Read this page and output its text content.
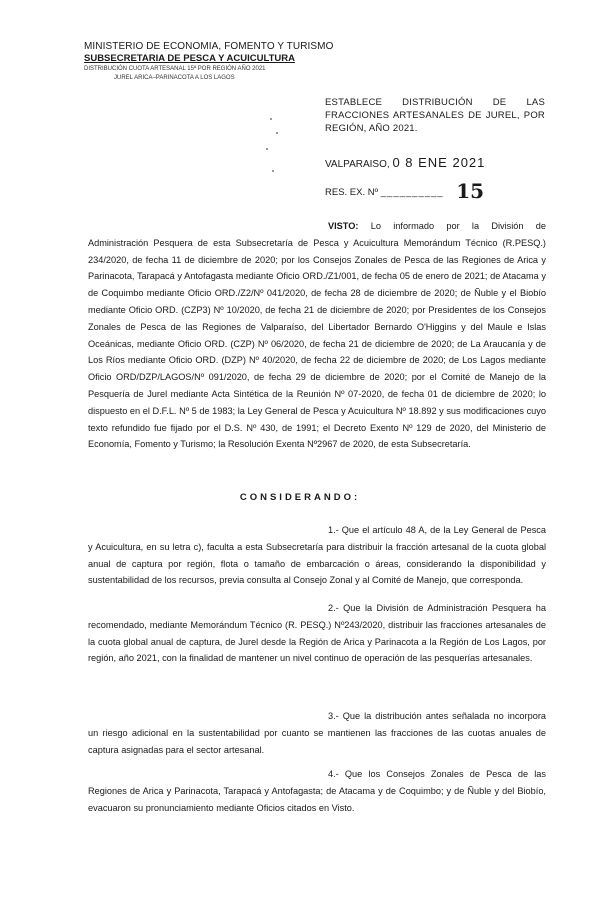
MINISTERIO DE ECONOMIA, FOMENTO Y TURISMO
SUBSECRETARIA DE PESCA Y ACUICULTURA
DISTRIBUCIÓN CUOTA ARTESANAL 15ª POR REGIÓN AÑO 2021
JUREL ARICA–PARINACOTA A LOS LAGOS
ESTABLECE DISTRIBUCIÓN DE LAS FRACCIONES ARTESANALES DE JUREL, POR REGIÓN, AÑO 2021.
VALPARAISO, 0 8 ENE 2021
RES. EX. Nº __________ 15
VISTO: Lo informado por la División de Administración Pesquera de esta Subsecretaría de Pesca y Acuicultura Memorándum Técnico (R.PESQ.) 234/2020, de fecha 11 de diciembre de 2020; por los Consejos Zonales de Pesca de las Regiones de Arica y Parinacota, Tarapacá y Antofagasta mediante Oficio ORD./Z1/001, de fecha 05 de enero de 2021; de Atacama y de Coquimbo mediante Oficio ORD./Z2/Nº 041/2020, de fecha 28 de diciembre de 2020; de Ñuble y el Biobío mediante Oficio ORD. (CZP3) Nº 10/2020, de fecha 21 de diciembre de 2020; por Presidentes de los Consejos Zonales de Pesca de las Regiones de Valparaíso, del Libertador Bernardo O'Higgins y del Maule e Islas Oceánicas, mediante Oficio ORD. (CZP) Nº 06/2020, de fecha 21 de diciembre de 2020; de La Araucanía y de Los Ríos mediante Oficio ORD. (DZP) Nº 40/2020, de fecha 22 de diciembre de 2020; de Los Lagos mediante Oficio ORD/DZP/LAGOS/Nº 091/2020, de fecha 29 de diciembre de 2020; por el Comité de Manejo de la Pesquería de Jurel mediante Acta Sintética de la Reunión Nº 07-2020, de fecha 01 de diciembre de 2020; lo dispuesto en el D.F.L. Nº 5 de 1983; la Ley General de Pesca y Acuicultura Nº 18.892 y sus modificaciones cuyo texto refundido fue fijado por el D.S. Nº 430, de 1991; el Decreto Exento Nº 129 de 2020, del Ministerio de Economía, Fomento y Turismo; la Resolución Exenta Nº2967 de 2020, de esta Subsecretaría.
CONSIDERANDO:
1.- Que el artículo 48 A, de la Ley General de Pesca y Acuicultura, en su letra c), faculta a esta Subsecretaría para distribuir la fracción artesanal de la cuota global anual de captura por región, flota o tamaño de embarcación o áreas, considerando la disponibilidad y sustentabilidad de los recursos, previa consulta al Consejo Zonal y al Comité de Manejo, que corresponda.
2.- Que la División de Administración Pesquera ha recomendado, mediante Memorándum Técnico (R. PESQ.) Nº243/2020, distribuir las fracciones artesanales de la cuota global anual de captura, de Jurel desde la Región de Arica y Parinacota a la Región de Los Lagos, por región, año 2021, con la finalidad de mantener un nivel continuo de operación de las pesquerías artesanales.
3.- Que la distribución antes señalada no incorpora un riesgo adicional en la sustentabilidad por cuanto se mantienen las fracciones de las cuotas anuales de captura asignadas para el sector artesanal.
4.- Que los Consejos Zonales de Pesca de las Regiones de Arica y Parinacota, Tarapacá y Antofagasta; de Atacama y de Coquimbo; y de Ñuble y del Biobío, evacuaron su pronunciamiento mediante Oficios citados en Visto.
